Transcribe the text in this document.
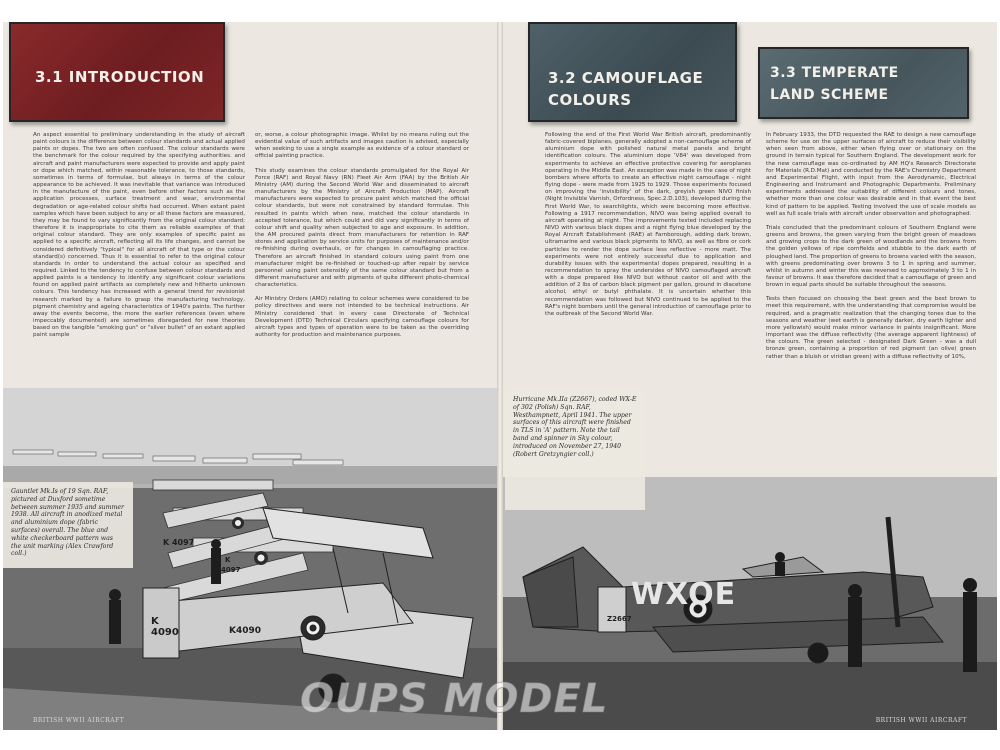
3.1 INTRODUCTION

An aspect essential to preliminary understanding in the study of aircraft paint colours is the difference between colour standards and actual applied paints or dopes. The two are often confused. The colour standards were the benchmark for the colour required by the specifying authorities. and aircraft and paint manufacturers were expected to provide and apply paint or dope which matched, within reasonable tolerance, to those standards, sometimes in terms of formulae, but always in terms of the colour appearance to be achieved. It was inevitable that variance was introduced in the manufacture of the paint, even before other factors such as the application processes, surface treatment and wear, environmental degradation or age-related colour shifts had occurred. When extant paint samples which have been subject to any or all these factors are measured, they may be found to vary significantly from the original colour standard; therefore it is inappropriate to cite them as reliable examples of that original colour standard. They are only examples of specific paint as applied to a specific aircraft, reflecting all its life changes, and cannot be considered definitively "typical" for all aircraft of that type or the colour standard(s) concerned. Thus it is essential to refer to the original colour standards in order to understand the actual colour as specified and required. Linked to the tendency to confuse between colour standards and applied paints is a tendency to identify any significant colour variations found on applied paint artifacts as completely new and hitherto unknown colours. This tendency has increased with a general trend for revisionist research marked by a failure to grasp the manufacturing technology, pigment chemistry and ageing characteristics of 1940's paints. The further away the events become, the more the earlier references (even where impeccably documented) are sometimes disregarded for new theories based on the tangible "smoking gun" or "silver bullet" of an extant applied paint sample

or, worse, a colour photographic image. Whilst by no means ruling out the evidential value of such artifacts and images caution is advised, especially when seeking to use a single example as evidence of a colour standard or official painting practice.

This study examines the colour standards promulgated for the Royal Air Force (RAF) and Royal Navy (RN) Fleet Air Arm (FAA) by the British Air Ministry (AM) during the Second World War and disseminated to aircraft manufacturers by the Ministry of Aircraft Production (MAP). Aircraft manufacturers were expected to procure paint which matched the official colour standards, but were not constrained by standard formulae. This resulted in paints which when new, matched the colour standards in accepted tolerance, but which could and did vary significantly in terms of colour shift and quality when subjected to age and exposure. In addition, the AM procured paints direct from manufacturers for retention in RAF stores and application by service units for purposes of maintenance and/or re-finishing during overhauls, or for changes in camouflaging practice. Therefore an aircraft finished in standard colours using paint from one manufacturer might be re-finished or touched-up after repair by service personnel using paint ostensibly of the same colour standard but from a different manufacturer and with pigments of quite different photo-chemical characteristics.

Air Ministry Orders (AMO) relating to colour schemes were considered to be policy directives and were not intended to be technical instructions. Air Ministry considered that in every case Directorate of Technical Development (DTD) Technical Circulars specifying camouflage colours for aircraft types and types of operation were to be taken as the overriding authority for production and maintenance purposes.

K 4090	K4090
K 4097
K
4097
Gauntlet Mk.Is of 19 Sqn. RAF, pictured at Duxford sometime between summer 1935 and summer 1938. All aircraft in anodized metal and aluminium dope (fabric surfaces) overall. The blue and white checkerboard pattern was the unit marking (Alex Crawford coll.)
BRITISH WWII AIRCRAFT
3.2 CAMOUFLAGE
COLOURS
3.3 TEMPERATE
LAND SCHEME

Following the end of the First World War British aircraft, predominantly fabric-covered biplanes, generally adopted a non-camouflage scheme of aluminium dope with polished natural metal panels and bright identification colours. The aluminium dope 'V84' was developed from experiments to achieve an effective protective covering for aeroplanes operating in the Middle East. An exception was made in the case of night bombers where efforts to create an effective night camouflage - night flying dope - were made from 1925 to 1929. Those experiments focused on improving the 'invisibility' of the dark, greyish green NIVO finish (Night Invisible Varnish, Orfordness, Spec.2.D.103), developed during the First World War, to searchlights, which were becoming more effective. Following a 1917 recommendation, NIVO was being applied overall to aircraft operating at night. The improvements tested included replacing NIVO with various black dopes and a night flying blue developed by the Royal Aircraft Establishment (RAE) at Farnborough, adding dark brown, ultramarine and various black pigments to NIVO, as well as fibre or cork particles to render the dope surface less reflective - more matt. The experiments were not entirely successful due to application and durability issues with the experimental dopes prepared, resulting in a recommendation to spray the undersides of NIVO camouflaged aircraft with a dope prepared like NIVO but without castor oil and with the addition of 2 lbs of carbon black pigment per gallon, ground in diacetone alcohol, ethyl or butyl phthalate. It is uncertain whether this recommendation was followed but NIVO continued to be applied to the RAF's night bombers until the general introduction of camouflage prior to the outbreak of the Second World War.

In February 1933, the DTD requested the RAE to design a new camouflage scheme for use on the upper surfaces of aircraft to reduce their visibility when seen from above, either when flying over or stationary on the ground in terrain typical for Southern England. The development work for the new camouflage was co-ordinated by AM HQ's Research Directorate for Materials (R.D.Mat) and conducted by the RAE's Chemistry Department and Experimental Flight, with input from the Aerodynamic, Electrical Engineering and Instrument and Photographic Departments. Preliminary experiments addressed the suitability of different colours and tones, whether more than one colour was desirable and in that event the best kind of pattern to be applied. Testing involved the use of scale models as well as full scale trials with aircraft under observation and photographed.

Trials concluded that the predominant colours of Southern England were greens and browns, the green varying from the bright green of meadows and growing crops to the dark green of woodlands and the browns from the golden yellows of ripe cornfields and stubble to the dark earth of ploughed land. The proportion of greens to browns varied with the season, with greens predominating over browns 3 to 1 in spring and summer, whilst in autumn and winter this was reversed to approximately 3 to 1 in favour of browns. It was therefore decided that a camouflage of green and brown in equal parts should be suitable throughout the seasons.

Tests then focused on choosing the best green and the best brown to meet this requirement, with the understanding that compromise would be required, and a pragmatic realization that the changing tones due to the seasons and weather (wet earth is generally darker, dry earth lighter and more yellowish) would make minor variance in paints insignificant. More important was the diffuse reflectivity (the average apparent lightness) of the colours. The green selected - designated Dark Green - was a dull bronze green, containing a proportion of red pigment (an olive) green rather than a bluish or viridian green) with a diffuse reflectivity of 10%,

WXOE
Z2667
Hurricane Mk.IIa (Z2667), coded WX-E of 302 (Polish) Sqn. RAF, Westhampnett, April 1941. The upper surfaces of this aircraft were finished in TLS in 'A' pattern. Note the tail band and spinner in Sky colour, introduced on November 27, 1940 (Robert Gretzyngier coll.)
BRITISH WWII AIRCRAFT
OUPS MODEL
